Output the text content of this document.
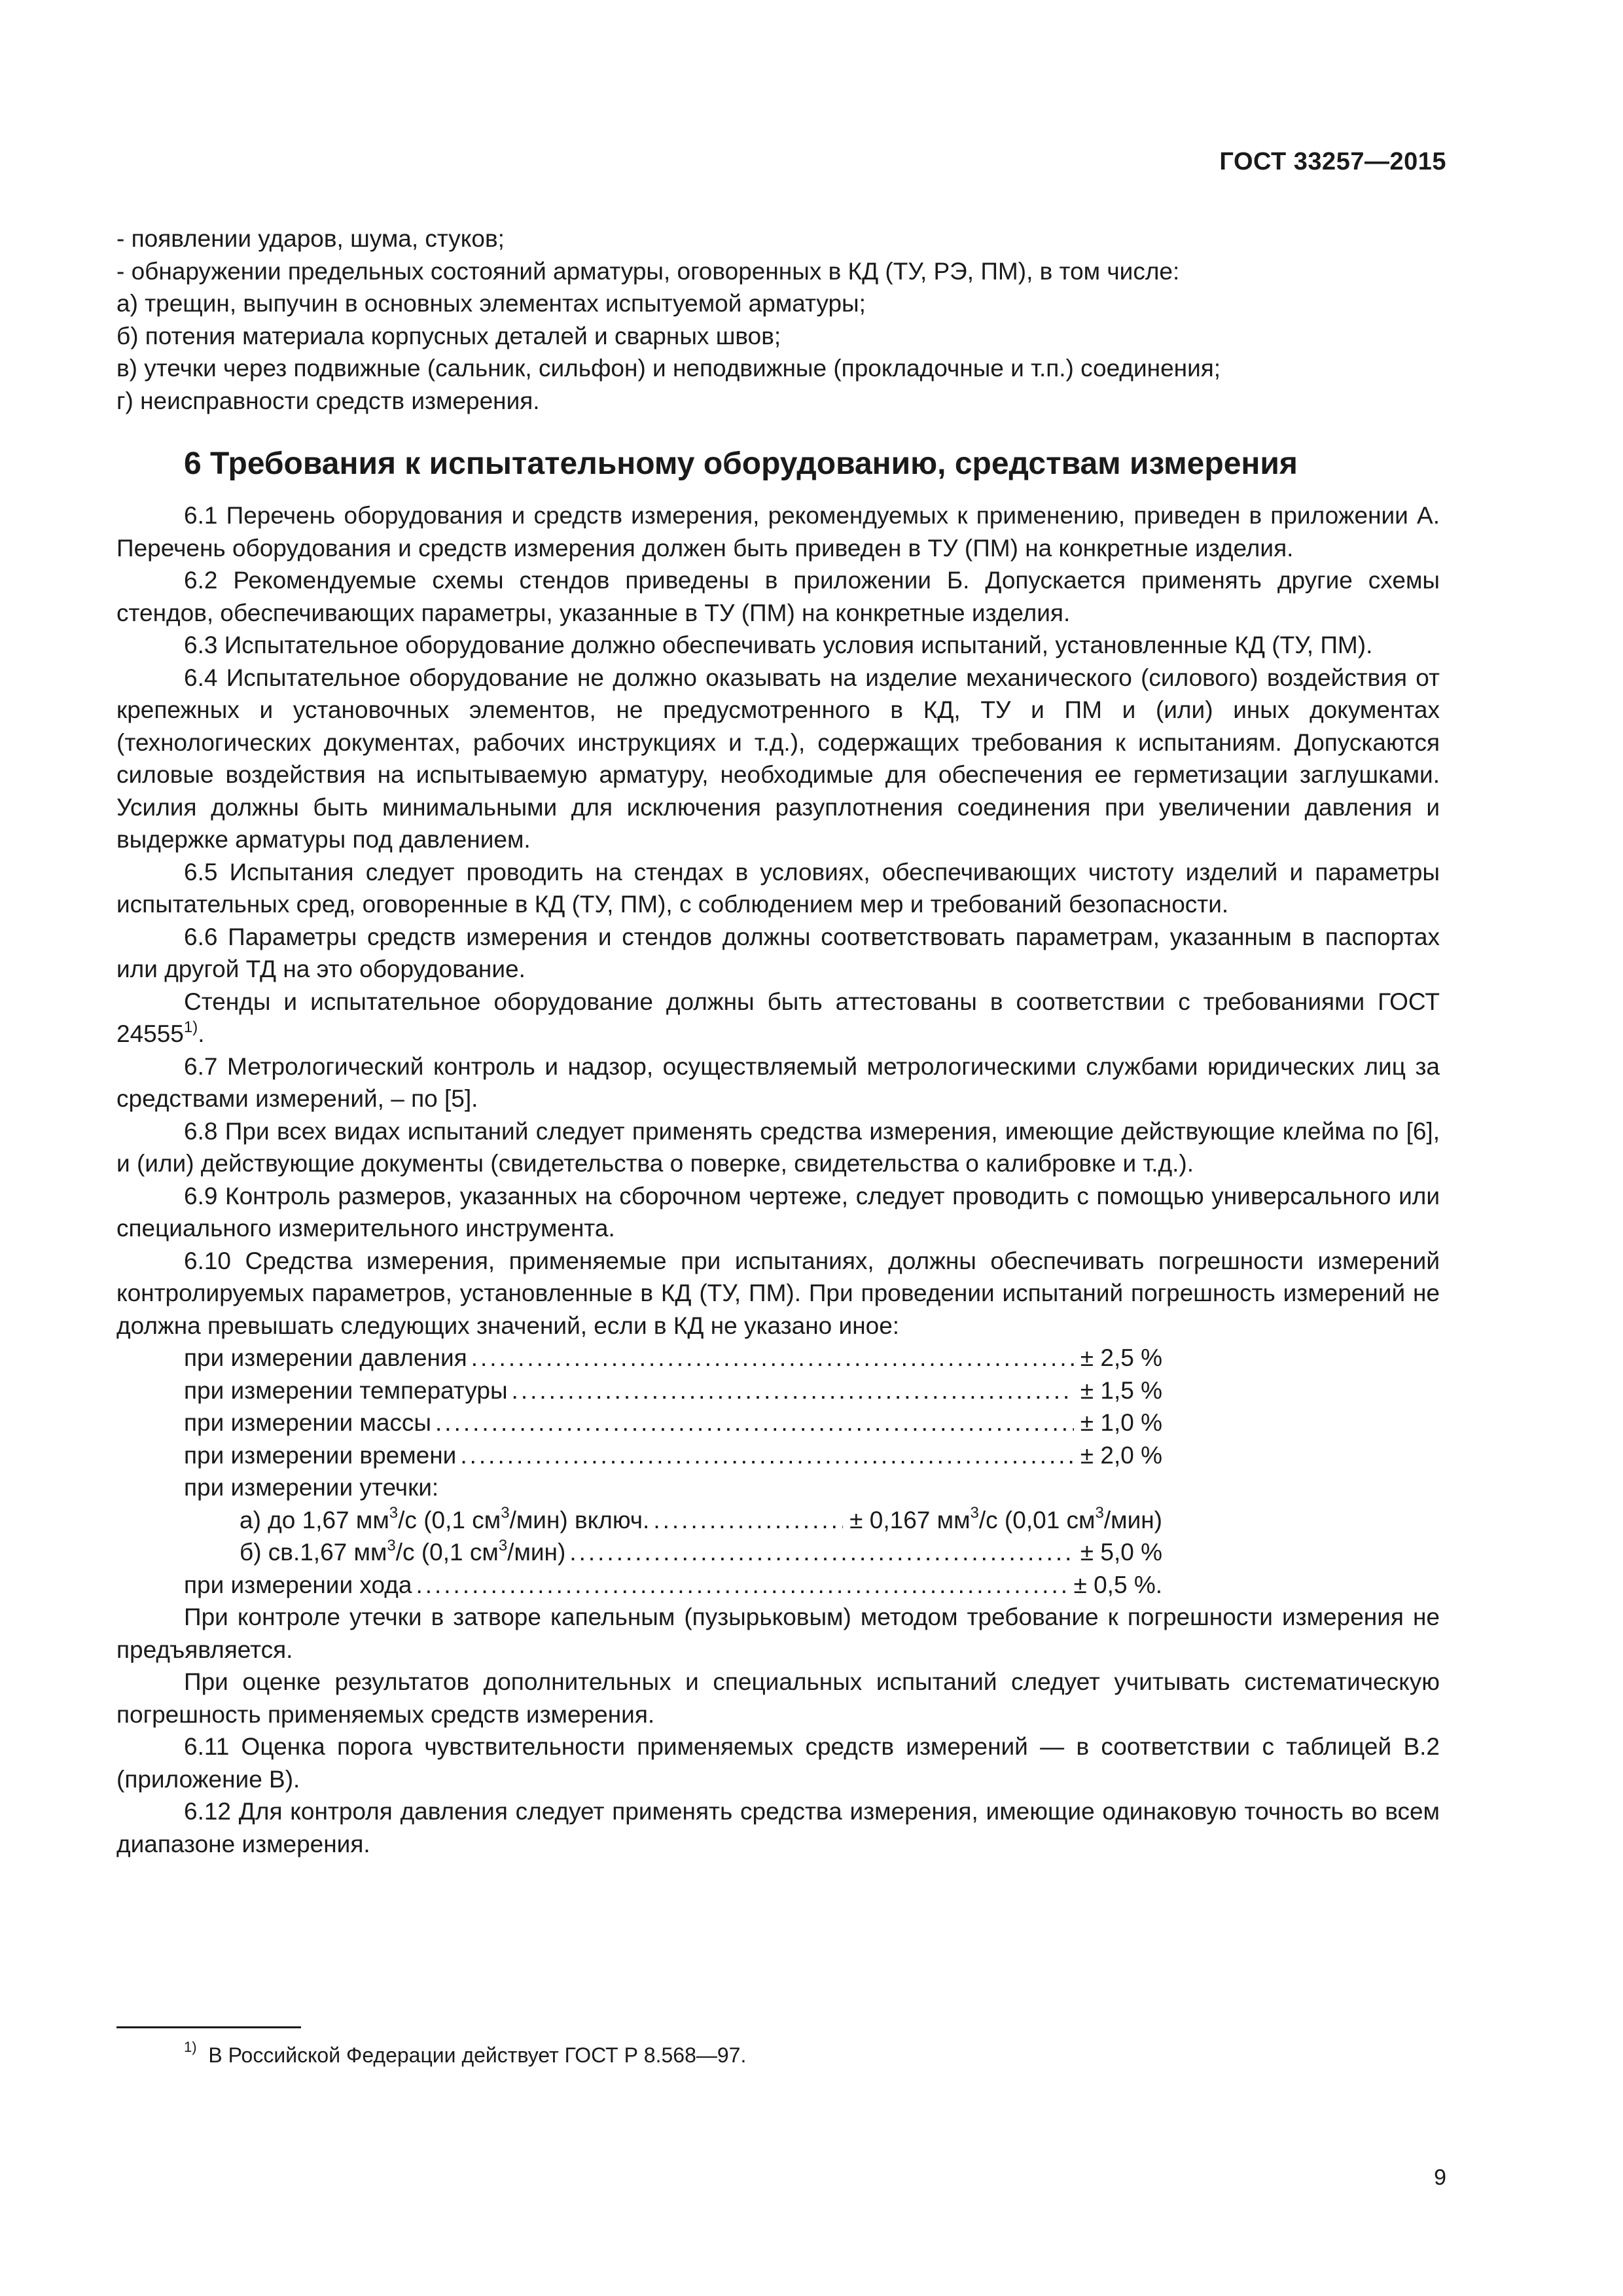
ГОСТ 33257—2015

- появлении ударов, шума, стуков;

- обнаружении предельных состояний арматуры, оговоренных в КД (ТУ, РЭ, ПМ), в том числе:

а) трещин, выпучин в основных элементах испытуемой арматуры;

б) потения материала корпусных деталей и сварных швов;

в) утечки через подвижные (сальник, сильфон) и неподвижные (прокладочные и т.п.) соединения;

г) неисправности средств измерения.

6 Требования к испытательному оборудованию, средствам измерения

6.1 Перечень оборудования и средств измерения, рекомендуемых к применению, приведен в приложении А. Перечень оборудования и средств измерения должен быть приведен в ТУ (ПМ) на конкретные изделия.

6.2 Рекомендуемые схемы стендов приведены в приложении Б. Допускается применять другие схемы стендов, обеспечивающих параметры, указанные в ТУ (ПМ) на конкретные изделия.

6.3 Испытательное оборудование должно обеспечивать условия испытаний, установленные КД (ТУ, ПМ).

6.4 Испытательное оборудование не должно оказывать на изделие механического (силового) воздействия от крепежных и установочных элементов, не предусмотренного в КД, ТУ и ПМ и (или) иных документах (технологических документах, рабочих инструкциях и т.д.), содержащих требования к испытаниям. Допускаются силовые воздействия на испытываемую арматуру, необходимые для обеспечения ее герметизации заглушками. Усилия должны быть минимальными для исключения разуплотнения соединения при увеличении давления и выдержке арматуры под давлением.

6.5 Испытания следует проводить на стендах в условиях, обеспечивающих чистоту изделий и параметры испытательных сред, оговоренные в КД (ТУ, ПМ), с соблюдением мер и требований безопасности.

6.6 Параметры средств измерения и стендов должны соответствовать параметрам, указанным в паспортах или другой ТД на это оборудование.

Стенды и испытательное оборудование должны быть аттестованы в соответствии с требованиями ГОСТ 24555$^{1)}$.

6.7 Метрологический контроль и надзор, осуществляемый метрологическими службами юридических лиц за средствами измерений, – по [5].

6.8 При всех видах испытаний следует применять средства измерения, имеющие действующие клейма по [6], и (или) действующие документы (свидетельства о поверке, свидетельства о калибровке и т.д.).

6.9 Контроль размеров, указанных на сборочном чертеже, следует проводить с помощью универсального или специального измерительного инструмента.

6.10 Средства измерения, применяемые при испытаниях, должны обеспечивать погрешности измерений контролируемых параметров, установленные в КД (ТУ, ПМ). При проведении испытаний погрешность измерений не должна превышать следующих значений, если в КД не указано иное:

при измерении давления .....	± 2,5 %
при измерении температуры .....	± 1,5 %
при измерении массы .....	± 1,0 %
при измерении времени .....	± 2,0 %

при измерении утечки:

а) до 1,67 $мм^3/с$ (0,1 $см^3/мин$) включ. .....	± 0,167 $мм^3/с$ (0,01 $см^3/мин$)
б) св.1,67 $мм^3/с$ (0,1 $см^3/мин$) .....	± 5,0 %
при измерении хода .....	± 0,5 %.

При контроле утечки в затворе капельным (пузырьковым) методом требование к погрешности измерения не предъявляется.

При оценке результатов дополнительных и специальных испытаний следует учитывать систематическую погрешность применяемых средств измерения.

6.11 Оценка порога чувствительности применяемых средств измерений — в соответствии с таблицей В.2 (приложение В).

6.12 Для контроля давления следует применять средства измерения, имеющие одинаковую точность во всем диапазоне измерения.

$^{1)}$ В Российской Федерации действует ГОСТ Р 8.568—97.
9
